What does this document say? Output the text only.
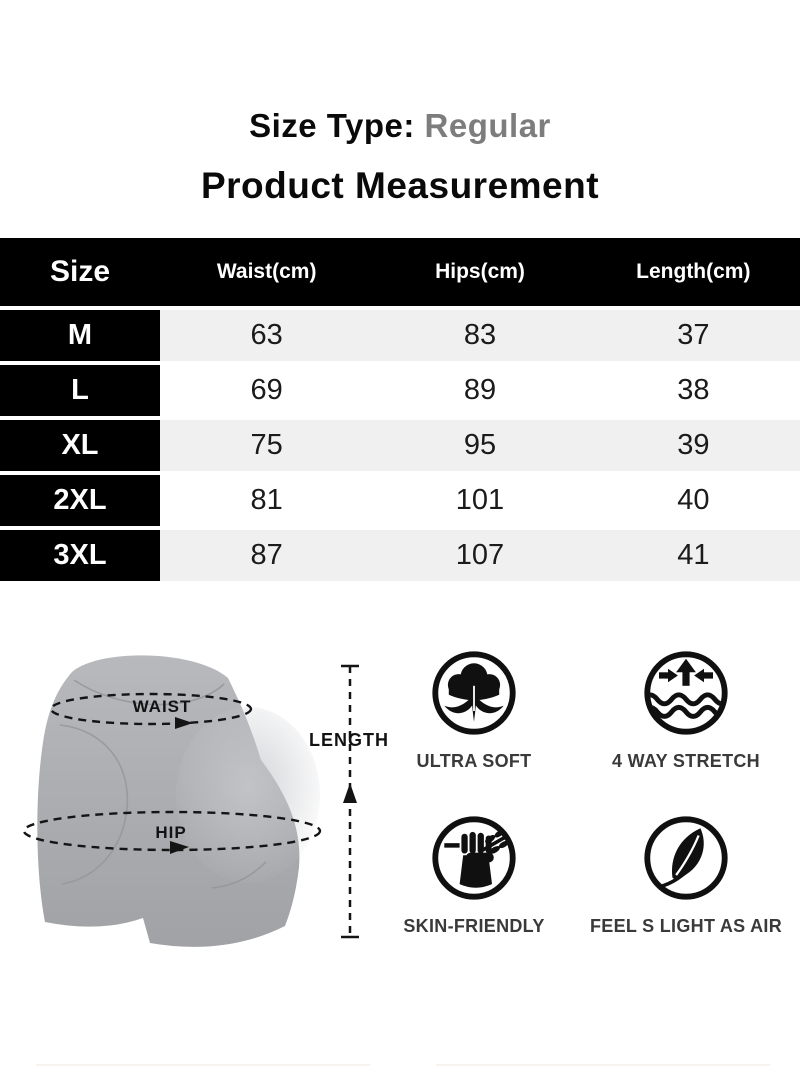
Size Type: Regular
Product Measurement
Size	Waist(cm)	Hips(cm)	Length(cm)
M	63	83	37
L	69	89	38
XL	75	95	39
2XL	81	101	40
3XL	87	107	41
WAIST
HIP
LENGTH
ULTRA SOFT	4 WAY STRETCH
SKIN-FRIENDLY	FEEL S LIGHT AS AIR
